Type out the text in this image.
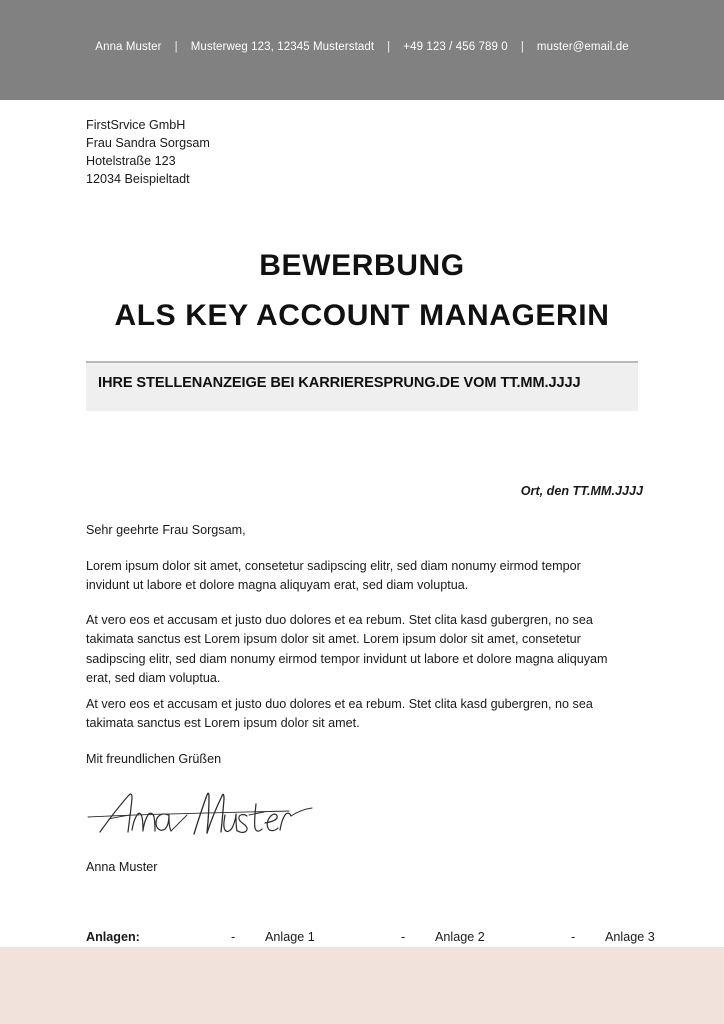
Anna Muster | Musterweg 123, 12345 Musterstadt | +49 123 / 456 789 0 | muster@email.de
FirstSrvice GmbH
Frau Sandra Sorgsam
Hotelstraße 123
12034 Beispieltadt
BEWERBUNG
ALS KEY ACCOUNT MANAGERIN
IHRE STELLENANZEIGE BEI KARRIERESPRUNG.DE VOM TT.MM.JJJJ
Ort, den TT.MM.JJJJ
Sehr geehrte Frau Sorgsam,
Lorem ipsum dolor sit amet, consetetur sadipscing elitr, sed diam nonumy eirmod tempor invidunt ut labore et dolore magna aliquyam erat, sed diam voluptua.
At vero eos et accusam et justo duo dolores et ea rebum. Stet clita kasd gubergren, no sea takimata sanctus est Lorem ipsum dolor sit amet. Lorem ipsum dolor sit amet, consetetur sadipscing elitr, sed diam nonumy eirmod tempor invidunt ut labore et dolore magna aliquyam erat, sed diam voluptua.
At vero eos et accusam et justo duo dolores et ea rebum. Stet clita kasd gubergren, no sea takimata sanctus est Lorem ipsum dolor sit amet.
Mit freundlichen Grüßen
Anna Muster
Anlagen:	- Anlage 1	- Anlage 2	- Anlage 3
